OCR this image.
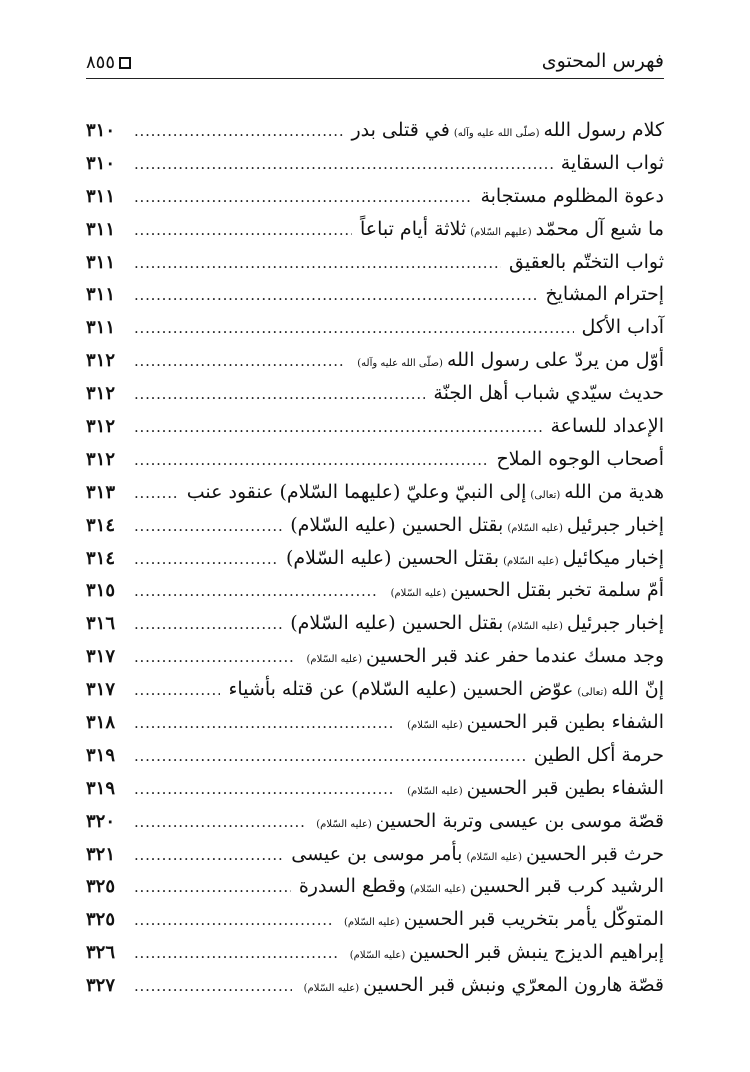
فهرس المحتوى
٨٥٥
كلام رسول الله(صلّى الله عليه وآله)في قتلى بدر
. . .
٣١٠
ثواب السقاية
. . .
٣١٠
دعوة المظلوم مستجابة
. . .
٣١١
ما شبع آل محمّد(عليهم السّلام)ثلاثة أيام تباعاً
. . .
٣١١
ثواب التختّم بالعقيق
. . .
٣١١
إحترام المشايخ
. . .
٣١١
آداب الأكل
. . .
٣١١
أوّل من يردّ على رسول الله(صلّى الله عليه وآله)
. . .
٣١٢
حديث سيّدي شباب أهل الجنّة
. . .
٣١٢
الإعداد للساعة
. . .
٣١٢
أصحاب الوجوه الملاح
. . .
٣١٢
هدية من الله(تعالى)إلى النبيّ وعليّ (عليهما السّلام) عنقود عنب
. . .
٣١٣
إخبار جبرئيل(عليه السّلام)بقتل الحسين (عليه السّلام)
. . .
٣١٤
إخبار ميكائيل(عليه السّلام)بقتل الحسين (عليه السّلام)
. . .
٣١٤
أمّ سلمة تخبر بقتل الحسين(عليه السّلام)
. . .
٣١٥
إخبار جبرئيل(عليه السّلام)بقتل الحسين (عليه السّلام)
. . .
٣١٦
وجد مسك عندما حفر عند قبر الحسين(عليه السّلام)
. . .
٣١٧
إنّ الله(تعالى)عوّض الحسين (عليه السّلام) عن قتله بأشياء
. . .
٣١٧
الشفاء بطين قبر الحسين(عليه السّلام)
. . .
٣١٨
حرمة أكل الطين
. . .
٣١٩
الشفاء بطين قبر الحسين(عليه السّلام)
. . .
٣١٩
قصّة موسى بن عيسى وتربة الحسين(عليه السّلام)
. . .
٣٢٠
حرث قبر الحسين(عليه السّلام)بأمر موسى بن عيسى
. . .
٣٢١
الرشيد كرب قبر الحسين(عليه السّلام)وقطع السدرة
. . .
٣٢٥
المتوكّل يأمر بتخريب قبر الحسين(عليه السّلام)
. . .
٣٢٥
إبراهيم الديزج ينبش قبر الحسين(عليه السّلام)
. . .
٣٢٦
قصّة هارون المعرّي ونبش قبر الحسين(عليه السّلام)
. . .
٣٢٧
